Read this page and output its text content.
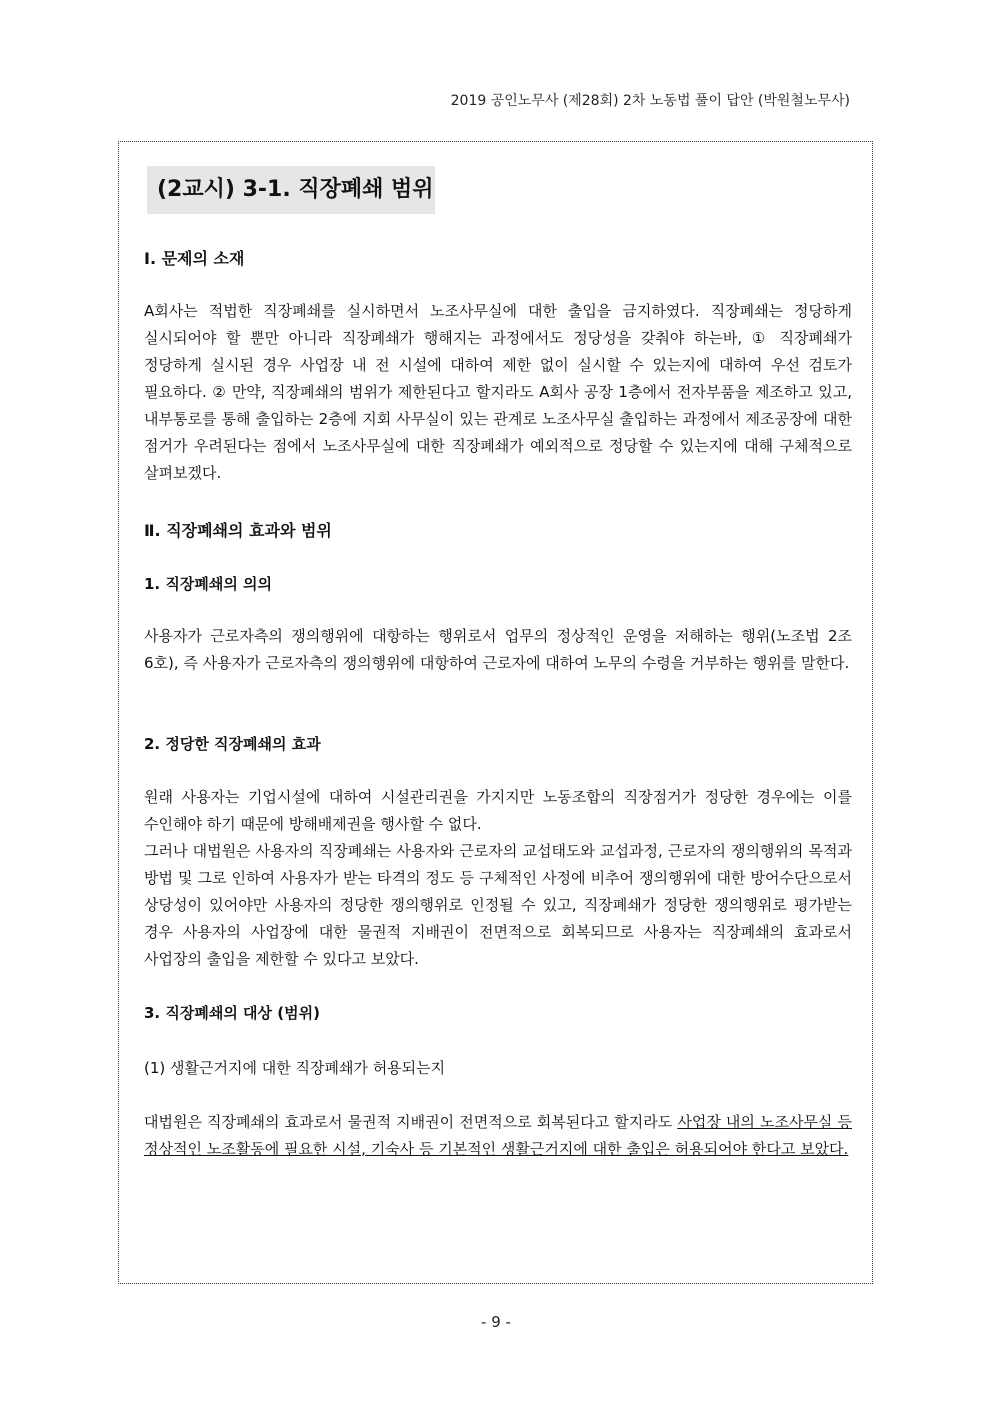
2019 공인노무사 (제28회) 2차 노동법 풀이 답안 (박원철노무사)
(2교시) 3-1. 직장폐쇄 범위
Ⅰ. 문제의 소재
A회사는 적법한 직장폐쇄를 실시하면서 노조사무실에 대한 출입을 금지하였다. 직장폐쇄는 정당하게 실시되어야 할 뿐만 아니라 직장폐쇄가 행해지는 과정에서도 정당성을 갖춰야 하는바, ① 직장폐쇄가 정당하게 실시된 경우 사업장 내 전 시설에 대하여 제한 없이 실시할 수 있는지에 대하여 우선 검토가 필요하다. ② 만약, 직장폐쇄의 범위가 제한된다고 할지라도 A회사 공장 1층에서 전자부품을 제조하고 있고, 내부통로를 통해 출입하는 2층에 지회 사무실이 있는 관계로 노조사무실 출입하는 과정에서 제조공장에 대한 점거가 우려된다는 점에서 노조사무실에 대한 직장폐쇄가 예외적으로 정당할 수 있는지에 대해 구체적으로 살펴보겠다.
Ⅱ. 직장폐쇄의 효과와 범위
1. 직장폐쇄의 의의
사용자가 근로자측의 쟁의행위에 대항하는 행위로서 업무의 정상적인 운영을 저해하는 행위(노조법 2조 6호), 즉 사용자가 근로자측의 쟁의행위에 대항하여 근로자에 대하여 노무의 수령을 거부하는 행위를 말한다.
2. 정당한 직장폐쇄의 효과

원래 사용자는 기업시설에 대하여 시설관리권을 가지지만 노동조합의 직장점거가 정당한 경우에는 이를 수인해야 하기 때문에 방해배제권을 행사할 수 없다.

그러나 대법원은 사용자의 직장폐쇄는 사용자와 근로자의 교섭태도와 교섭과정, 근로자의 쟁의행위의 목적과 방법 및 그로 인하여 사용자가 받는 타격의 정도 등 구체적인 사정에 비추어 쟁의행위에 대한 방어수단으로서 상당성이 있어야만 사용자의 정당한 쟁의행위로 인정될 수 있고, 직장폐쇄가 정당한 쟁의행위로 평가받는 경우 사용자의 사업장에 대한 물권적 지배권이 전면적으로 회복되므로 사용자는 직장폐쇄의 효과로서 사업장의 출입을 제한할 수 있다고 보았다.

3. 직장폐쇄의 대상 (범위)
(1) 생활근거지에 대한 직장폐쇄가 허용되는지
대법원은 직장폐쇄의 효과로서 물권적 지배권이 전면적으로 회복된다고 할지라도 사업장 내의 노조사무실 등 정상적인 노조활동에 필요한 시설, 기숙사 등 기본적인 생활근거지에 대한 출입은 허용되어야 한다고 보았다.
- 9 -
